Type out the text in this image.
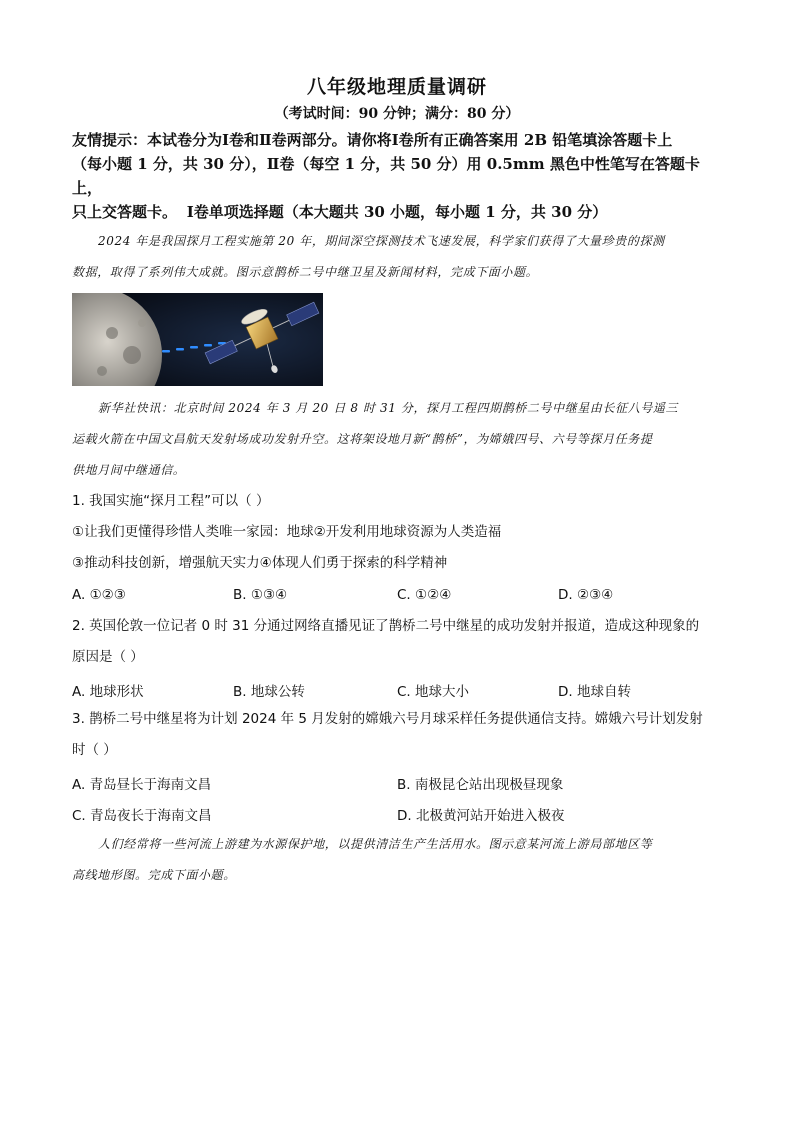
八年级地理质量调研
（考试时间：90 分钟；满分：80 分）
友情提示：本试卷分为Ⅰ卷和Ⅱ卷两部分。请你将Ⅰ卷所有正确答案用 2B 铅笔填涂答题卡上
（每小题 1 分，共 30 分），Ⅱ卷（每空 1 分，共 50 分）用 0.5mm 黑色中性笔写在答题卡上，
只上交答题卡。 Ⅰ卷单项选择题（本大题共 30 小题，每小题 1 分，共 30 分）
2024 年是我国探月工程实施第 20 年，期间深空探测技术飞速发展，科学家们获得了大量珍贵的探测
数据，取得了系列伟大成就。图示意鹊桥二号中继卫星及新闻材料，完成下面小题。
新华社快讯：北京时间 2024 年 3 月 20 日 8 时 31 分，探月工程四期鹊桥二号中继星由长征八号遥三
运载火箭在中国文昌航天发射场成功发射升空。这将架设地月新“鹊桥”，为嫦娥四号、六号等探月任务提
供地月间中继通信。
1. 我国实施“探月工程”可以（ ）
①让我们更懂得珍惜人类唯一家园：地球②开发利用地球资源为人类造福
③推动科技创新，增强航天实力④体现人们勇于探索的科学精神
A. ①②③	B. ①③④	C. ①②④	D. ②③④
2. 英国伦敦一位记者 0 时 31 分通过网络直播见证了鹊桥二号中继星的成功发射并报道，造成这种现象的
原因是（ ）
A. 地球形状	B. 地球公转	C. 地球大小	D. 地球自转
3. 鹊桥二号中继星将为计划 2024 年 5 月发射的嫦娥六号月球采样任务提供通信支持。嫦娥六号计划发射
时（ ）
A. 青岛昼长于海南文昌	B. 南极昆仑站出现极昼现象
C. 青岛夜长于海南文昌	D. 北极黄河站开始进入极夜
人们经常将一些河流上游建为水源保护地，以提供清洁生产生活用水。图示意某河流上游局部地区等
高线地形图。完成下面小题。
